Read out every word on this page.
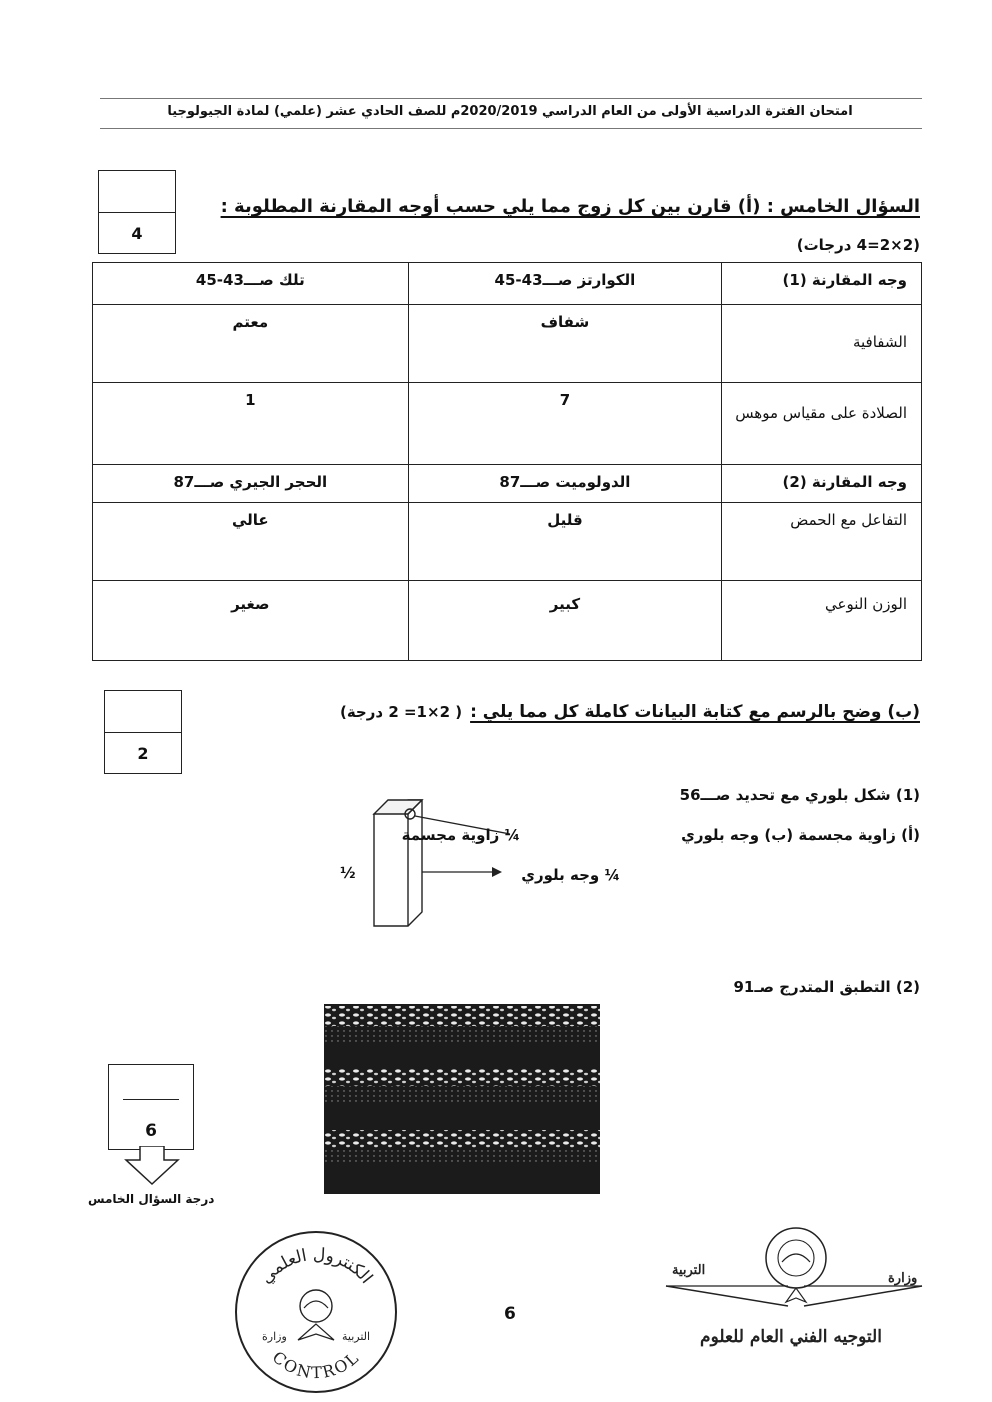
امتحان الفترة الدراسية الأولى من العام الدراسي 2020/2019م للصف الحادي عشر (علمي) لمادة الجيولوجيا
4
السؤال الخامس : (أ) قارن بين كل زوج مما يلي حسب أوجه المقارنة المطلوبة :
(2×2=4 درجات)
وجه المقارنة (1)	الكوارتز صـــ43-45	تلك صـــ43-45
الشفافية	شفاف	معتم
الصلادة على مقياس موهس	7	1
وجه المقارنة (2)	الدولوميت صـــ87	الحجر الجيري صـــ87
التفاعل مع الحمض	قليل	عالي
الوزن النوعي	كبير	صغير
2
(ب) وضح بالرسم مع كتابة البيانات كاملة كل مما يلي :
( 2×1= 2 درجة)
(1) شكل بلوري مع تحديد صـــ56
(أ) زاوية مجسمة (ب) وجه بلوري
¼ زاوية مجسمة
¼ وجه بلوري
½
(2) التطبق المتدرج صـ91
6
درجة السؤال الخامس
6
الكنترول العلمي
CONTROL
وزارة	التربية
التربية
وزارة
التوجيه الفني العام للعلوم
